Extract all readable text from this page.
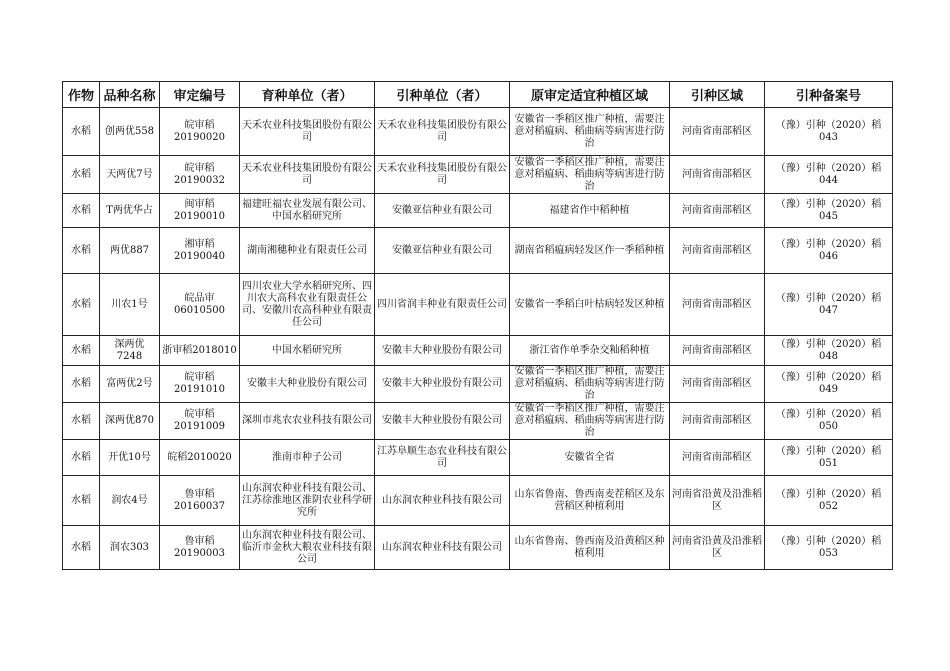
作物	品种名称	审定编号	育种单位（者）	引种单位（者）	原审定适宜种植区域	引种区域	引种备案号
水稻	创两优558	皖审稻20190020	天禾农业科技集团股份有限公司	天禾农业科技集团股份有限公司	安徽省一季稻区推广种植，需要注意对稻瘟病、稻曲病等病害进行防治	河南省南部稻区	（豫）引种（2020）稻043
水稻	天两优7号	皖审稻20190032	天禾农业科技集团股份有限公司	天禾农业科技集团股份有限公司	安徽省一季稻区推广种植，需要注意对稻瘟病、稻曲病等病害进行防治	河南省南部稻区	（豫）引种（2020）稻044
水稻	T两优华占	闽审稻20190010	福建旺福农业发展有限公司、中国水稻研究所	安徽亚信种业有限公司	福建省作中稻种植	河南省南部稻区	（豫）引种（2020）稻045
水稻	两优887	湘审稻20190040	湖南湘穗种业有限责任公司	安徽亚信种业有限公司	湖南省稻瘟病轻发区作一季稻种植	河南省南部稻区	（豫）引种（2020）稻046
水稻	川农1号	皖品审06010500	四川农业大学水稻研究所、四川农大高科农业有限责任公司、安徽川农高科种业有限责任公司	四川省润丰种业有限责任公司	安徽省一季稻白叶枯病轻发区种植	河南省南部稻区	（豫）引种（2020）稻047
水稻	深两优7248	浙审稻2018010	中国水稻研究所	安徽丰大种业股份有限公司	浙江省作单季杂交籼稻种植	河南省南部稻区	（豫）引种（2020）稻048
水稻	富两优2号	皖审稻20191010	安徽丰大种业股份有限公司	安徽丰大种业股份有限公司	安徽省一季稻区推广种植，需要注意对稻瘟病、稻曲病等病害进行防治	河南省南部稻区	（豫）引种（2020）稻049
水稻	深两优870	皖审稻20191009	深圳市兆农农业科技有限公司	安徽丰大种业股份有限公司	安徽省一季稻区推广种植，需要注意对稻瘟病、稻曲病等病害进行防治	河南省南部稻区	（豫）引种（2020）稻050
水稻	开优10号	皖稻2010020	淮南市种子公司	江苏阜顺生态农业科技有限公司	安徽省全省	河南省南部稻区	（豫）引种（2020）稻051
水稻	润农4号	鲁审稻20160037	山东润农种业科技有限公司、江苏徐淮地区淮阴农业科学研究所	山东润农种业科技有限公司	山东省鲁南、鲁西南麦茬稻区及东营稻区种植利用	河南省沿黄及沿淮稻区	（豫）引种（2020）稻052
水稻	润农303	鲁审稻20190003	山东润农种业科技有限公司、临沂市金秋大粮农业科技有限公司	山东润农种业科技有限公司	山东省鲁南、鲁西南及沿黄稻区种植利用	河南省沿黄及沿淮稻区	（豫）引种（2020）稻053
